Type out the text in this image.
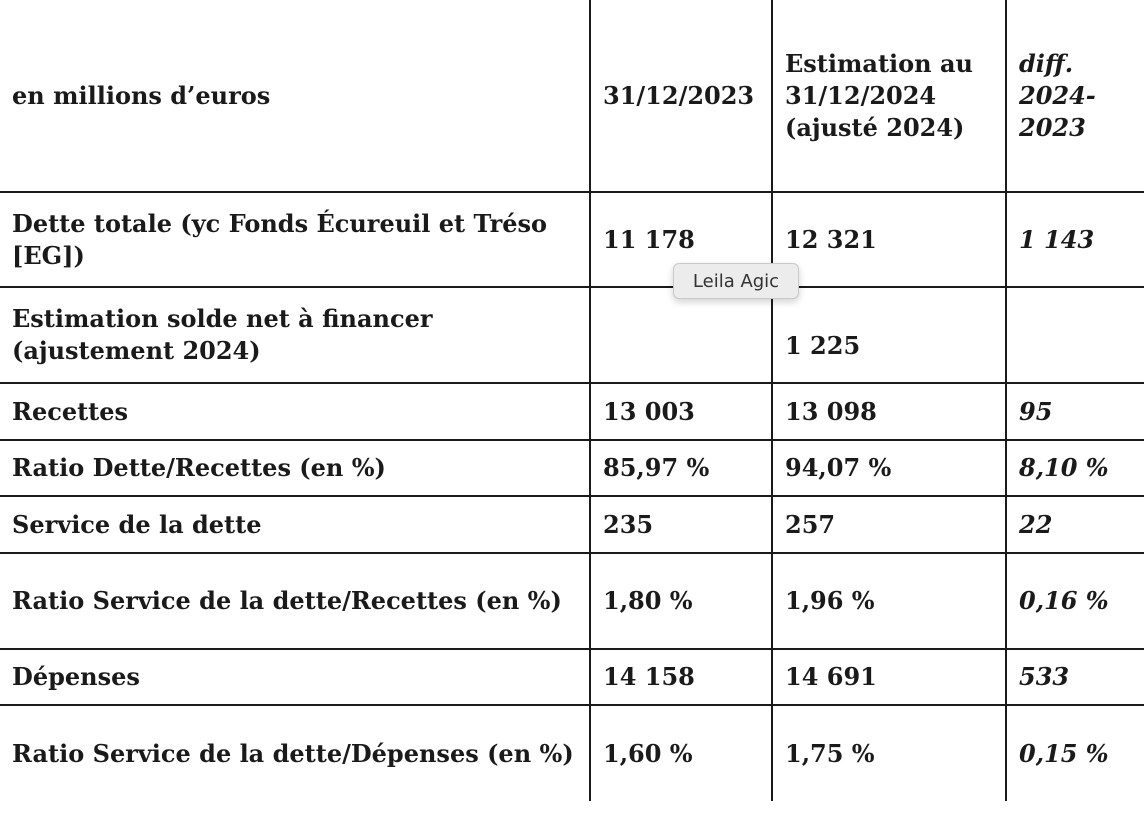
en millions d’euros	31/12/2023	Estimation au 31/12/2024 (ajusté 2024)	diff. 2024-2023
Dette totale (yc Fonds Écureuil et Tréso [EG])	11 178	12 321	1 143
Estimation solde net à financer (ajustement 2024)		1 225	
Recettes	13 003	13 098	95
Ratio Dette/Recettes (en %)	85,97 %	94,07 %	8,10 %
Service de la dette	235	257	22
Ratio Service de la dette/Recettes (en %)	1,80 %	1,96 %	0,16 %
Dépenses	14 158	14 691	533
Ratio Service de la dette/Dépenses (en %)	1,60 %	1,75 %	0,15 %
Leila Agic
